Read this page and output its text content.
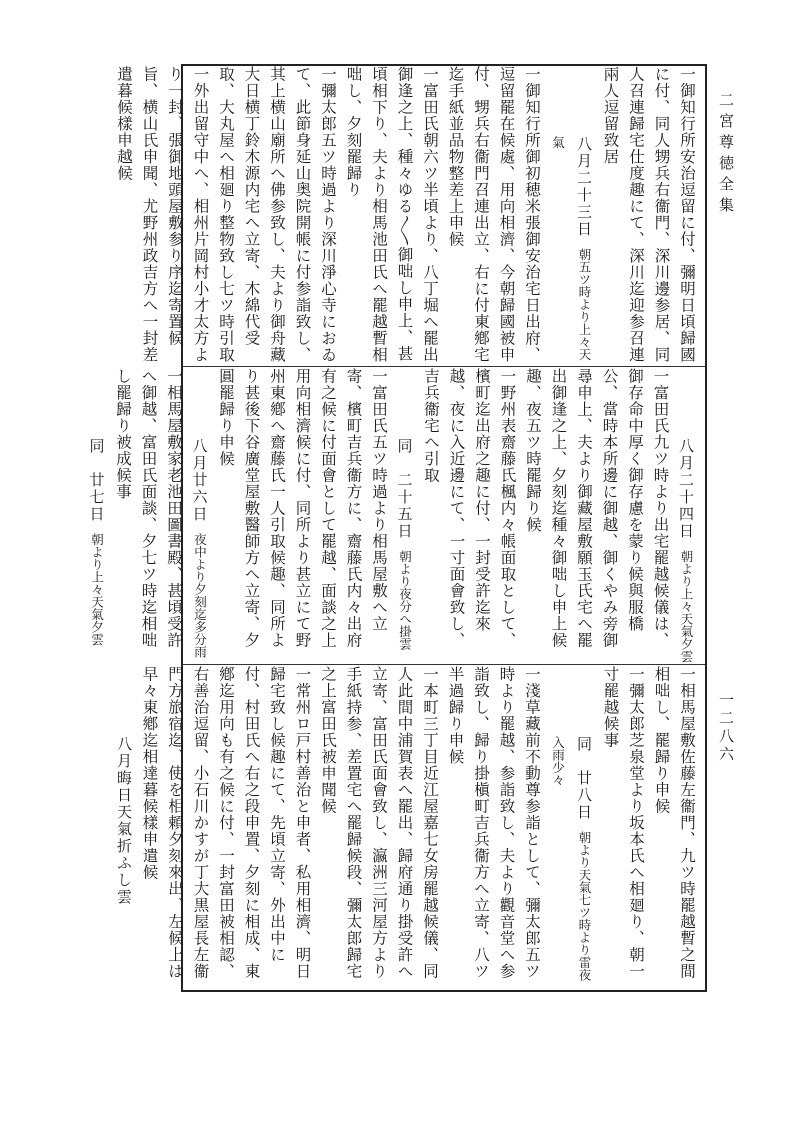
二宮尊徳全集
一二八六
一御知行所安治逗留に付、彌明日頃歸國に付、同人甥兵右衞門、深川邊参居、同人召連歸宅仕度趣にて、深川迄迎参召連兩人逗留致居
八月二十三日朝五ツ時より上々天氣
一御知行所御初穂米張御安治宅日出府、逗留罷在候處、用向相濟、今朝歸國被申付、甥兵右衞門召連出立、右に付東鄕宅迄手紙並品物整差上申候
一富田氏朝六ツ半頃より、八丁堀へ罷出御逢之上、種々ゆる〳〵御咄し申上、甚頃相下り、夫より相馬池田氏へ罷越暫相咄し、夕刻罷歸り
一彌太郎五ツ時過より深川淨心寺におゐて、此節身延山奥院開帳に付参詣致し、其上横山廟所へ佛参致し、夫より御舟藏大日横丁鈴木源内宅へ立寄、木綿代受取、大丸屋へ相廻り整物致し七ツ時引取
一外出留守中へ、相州片岡村小才太方より一封、張御地頭屋敷参り序迄寄置候旨、横山氏申聞、尤野州政吉方へ一封差遣暮候樣申越候
八月二十四日朝より上々天氣夕雲
一富田氏九ツ時より出宅罷越候儀は、御存命中厚く御存慮を蒙り候與服橋公、當時本所邊に御越、御くやみ旁御尋申上、夫より御藏屋敷願玉氏宅へ罷出御逢之上、夕刻迄種々御咄し申上候趣、夜五ツ時罷歸り候
一野州表齋藤氏楓内々帳面取として、檳町迄出府之趣に付、一封受許迄來越、夜に入近邊にて、一寸面會致し、吉兵衞宅へ引取
同　二十五日朝より夜分へ掛雲
一富田氏五ツ時過より相馬屋敷へ立寄、檳町吉兵衞方に、齋藤氏内々出府有之候に付面會として罷越、面談之上用向相濟候に付、同所より甚立にて野州東鄕へ齋藤氏一人引取候趣、同所より甚後下谷廣堂屋敷醫師方へ立寄、夕圓罷歸り申候
八月廿六日夜中より夕刻迄多分雨
一相馬屋敷家老池田圖書殿、甚頃受許へ御越、富田氏面談、夕七ツ時迄相咄し罷歸り被成候事
同　廿七日朝より上々天氣夕雲
一相馬屋敷佐藤左衞門、九ツ時罷越暫之間相咄し、罷歸り申候
一彌太郎芝泉堂より坂本氏へ相廻り、朝一寸罷越候事
同　廿八日朝より天氣七ツ時より雷夜入雨少々
一淺草藏前不動尊参詣として、彌太郎五ツ時より罷越、参詣致し、夫より觀音堂へ参詣致し、歸り掛槇町吉兵衞方へ立寄、八ツ半過歸り申候
一本町三丁目近江屋嘉七女房罷越候儀、同人此間中浦賀表へ罷出、歸府通り掛受許へ立寄、富田氏面會致し、瀛洲三河屋方より手紙持参、差置宅へ罷歸候段、彌太郎歸宅之上富田氏被申聞候
一常州ロ戸村善治と申者、私用相濟、明日歸宅致し候趣にて、先頃立寄、外出中に付、村田氏へ右之段申置、夕刻に相成、東鄕迄用向も有之候に付、一封富田被相認、右善治逗留、小石川かすが丁大黒屋長左衞門方旅宿迄、使を相頼夕刻來出、左候上は早々東鄕迄相達暮候樣申遣候
八月晦日天氣折ふし雲
